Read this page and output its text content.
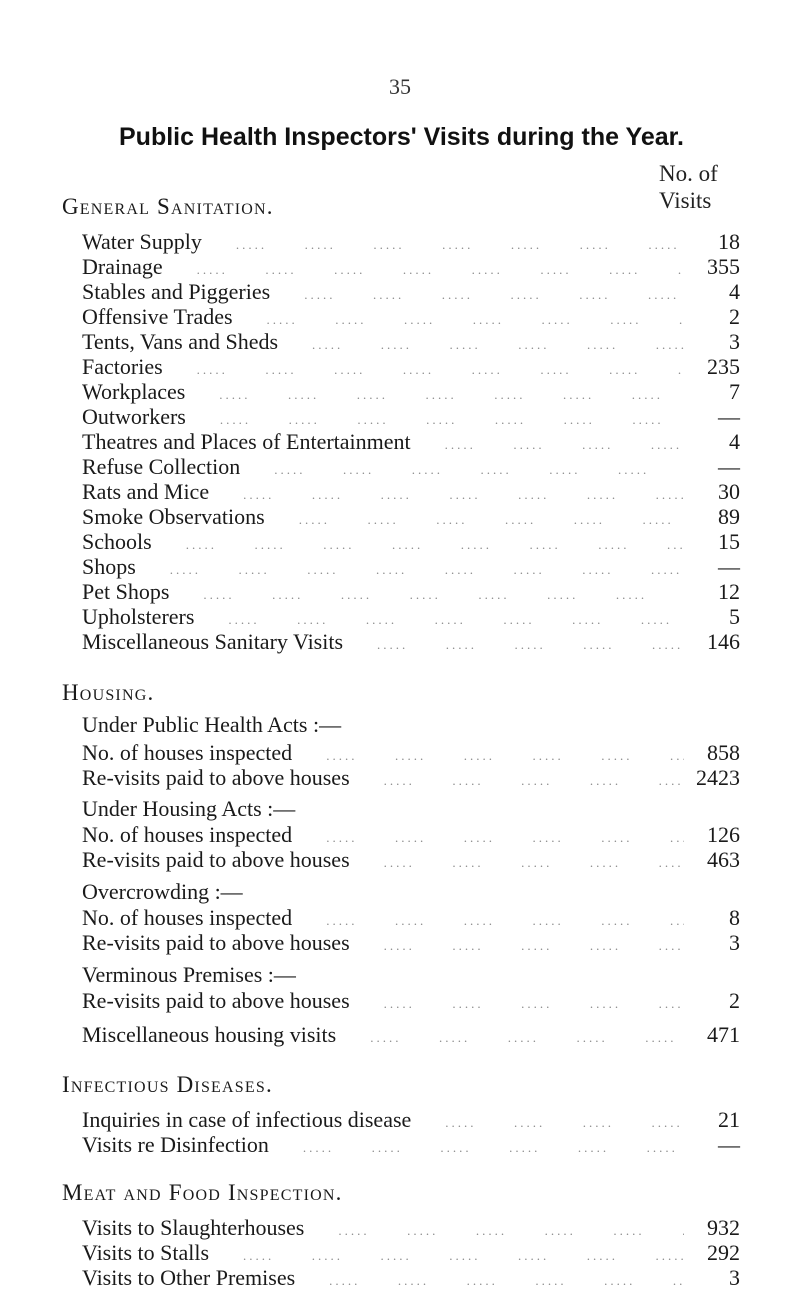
35
Public Health Inspectors' Visits during the Year.
No. of
Visits
General Sanitation.
Water Supply .....	18
Drainage .....	355
Stables and Piggeries .....	4
Offensive Trades .....	2
Tents, Vans and Sheds .....	3
Factories .....	235
Workplaces .....	7
Outworkers .....	—
Theatres and Places of Entertainment .....	4
Refuse Collection .....	—
Rats and Mice .....	30
Smoke Observations .....	89
Schools .....	15
Shops .....	—
Pet Shops .....	12
Upholsterers .....	5
Miscellaneous Sanitary Visits .....	146
Housing.
Under Public Health Acts :—
No. of houses inspected .....	858
Re-visits paid to above houses .....	2423
Under Housing Acts :—
No. of houses inspected .....	126
Re-visits paid to above houses .....	463
Overcrowding :—
No. of houses inspected .....	8
Re-visits paid to above houses .....	3
Verminous Premises :—
Re-visits paid to above houses .....	2
Miscellaneous housing visits .....	471
Infectious Diseases.
Inquiries in case of infectious disease .....	21
Visits re Disinfection .....	—
Meat and Food Inspection.
Visits to Slaughterhouses .....	932
Visits to Stalls .....	292
Visits to Other Premises .....	3
